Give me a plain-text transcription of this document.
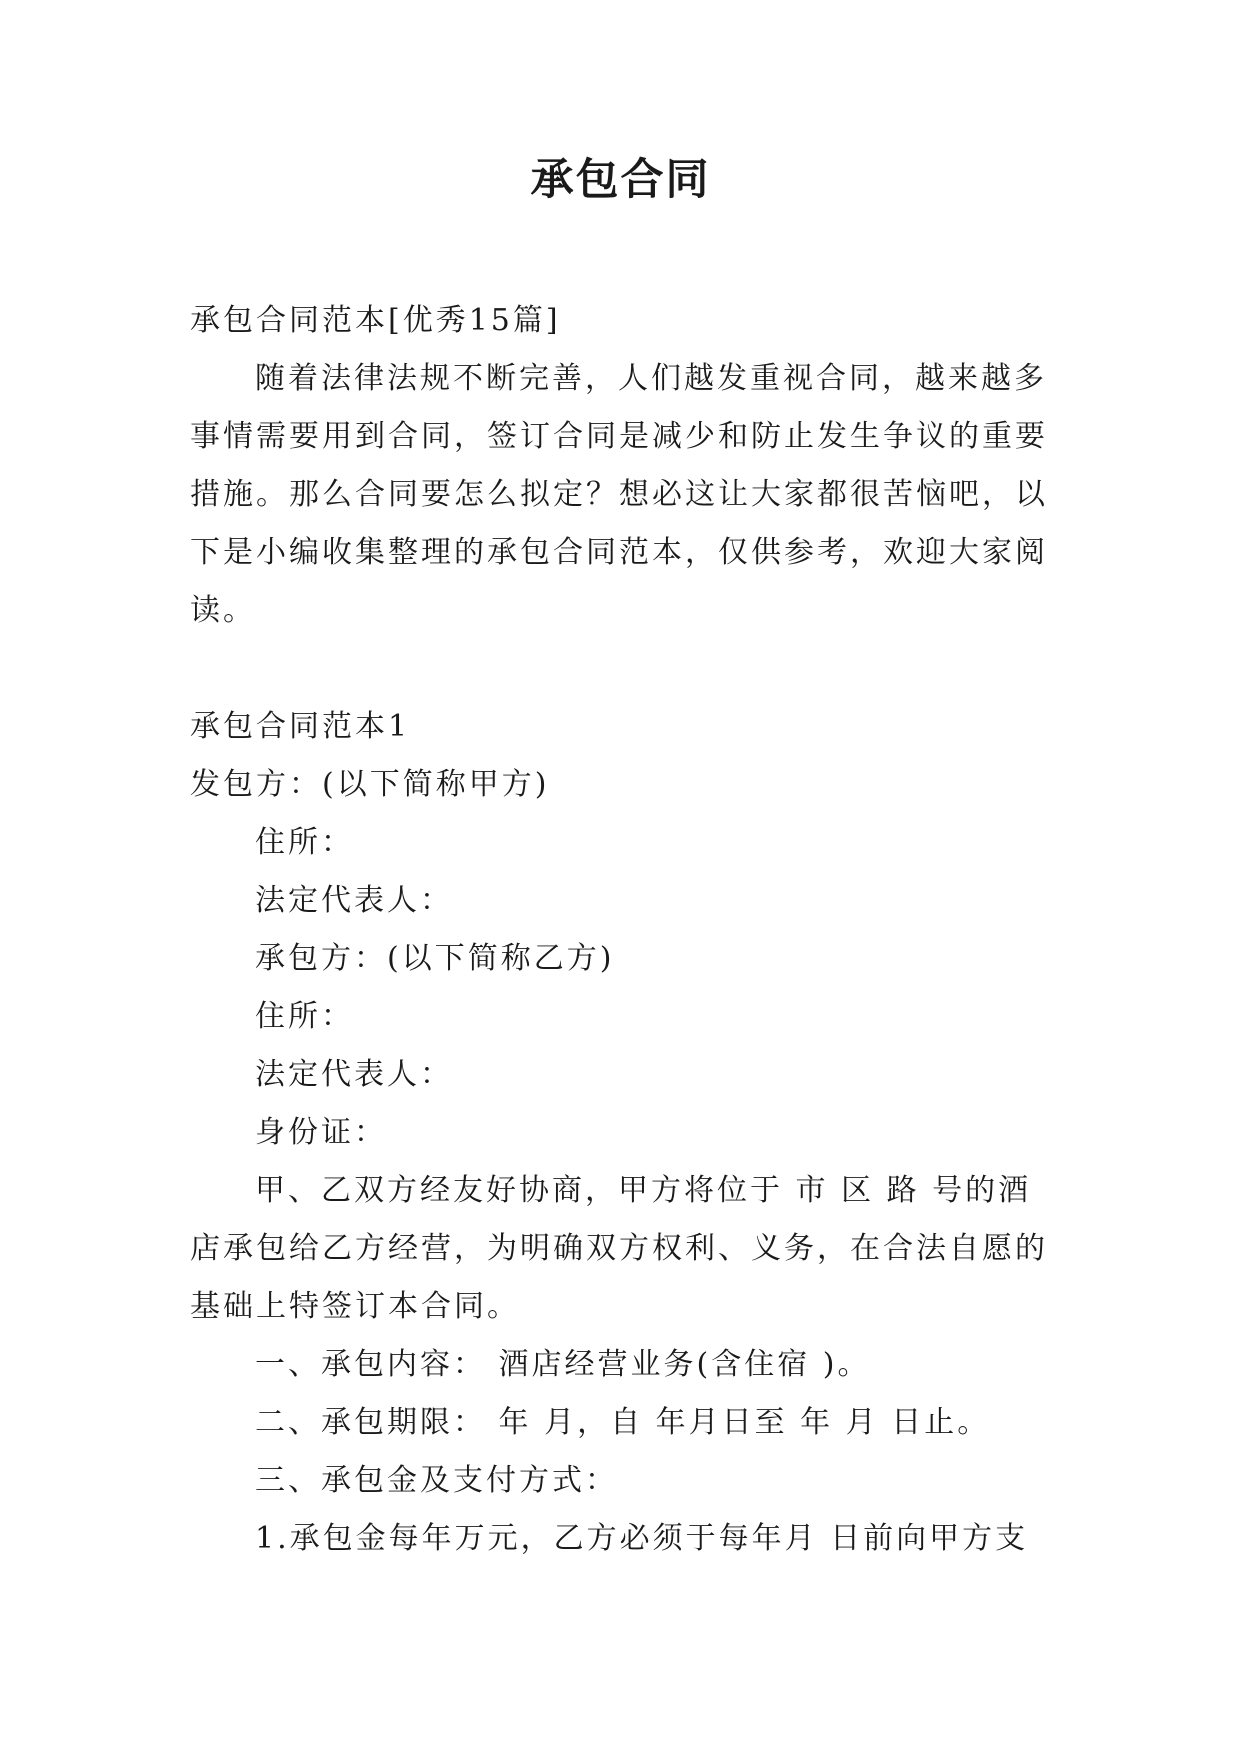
承包合同
承包合同范本[优秀15篇]
随着法律法规不断完善，人们越发重视合同，越来越多
事情需要用到合同，签订合同是减少和防止发生争议的重要
措施。那么合同要怎么拟定？想必这让大家都很苦恼吧，以
下是小编收集整理的承包合同范本，仅供参考，欢迎大家阅
读。
承包合同范本1
发包方：(以下简称甲方)
住所：
法定代表人：
承包方：(以下简称乙方)
住所：
法定代表人：
身份证：
甲、乙双方经友好协商，甲方将位于 市 区 路 号的酒
店承包给乙方经营，为明确双方权利、义务，在合法自愿的
基础上特签订本合同。
一、承包内容： 酒店经营业务(含住宿 )。
二、承包期限： 年 月，自 年月日至 年 月 日止。
三、承包金及支付方式：
1.承包金每年万元，乙方必须于每年月 日前向甲方支
